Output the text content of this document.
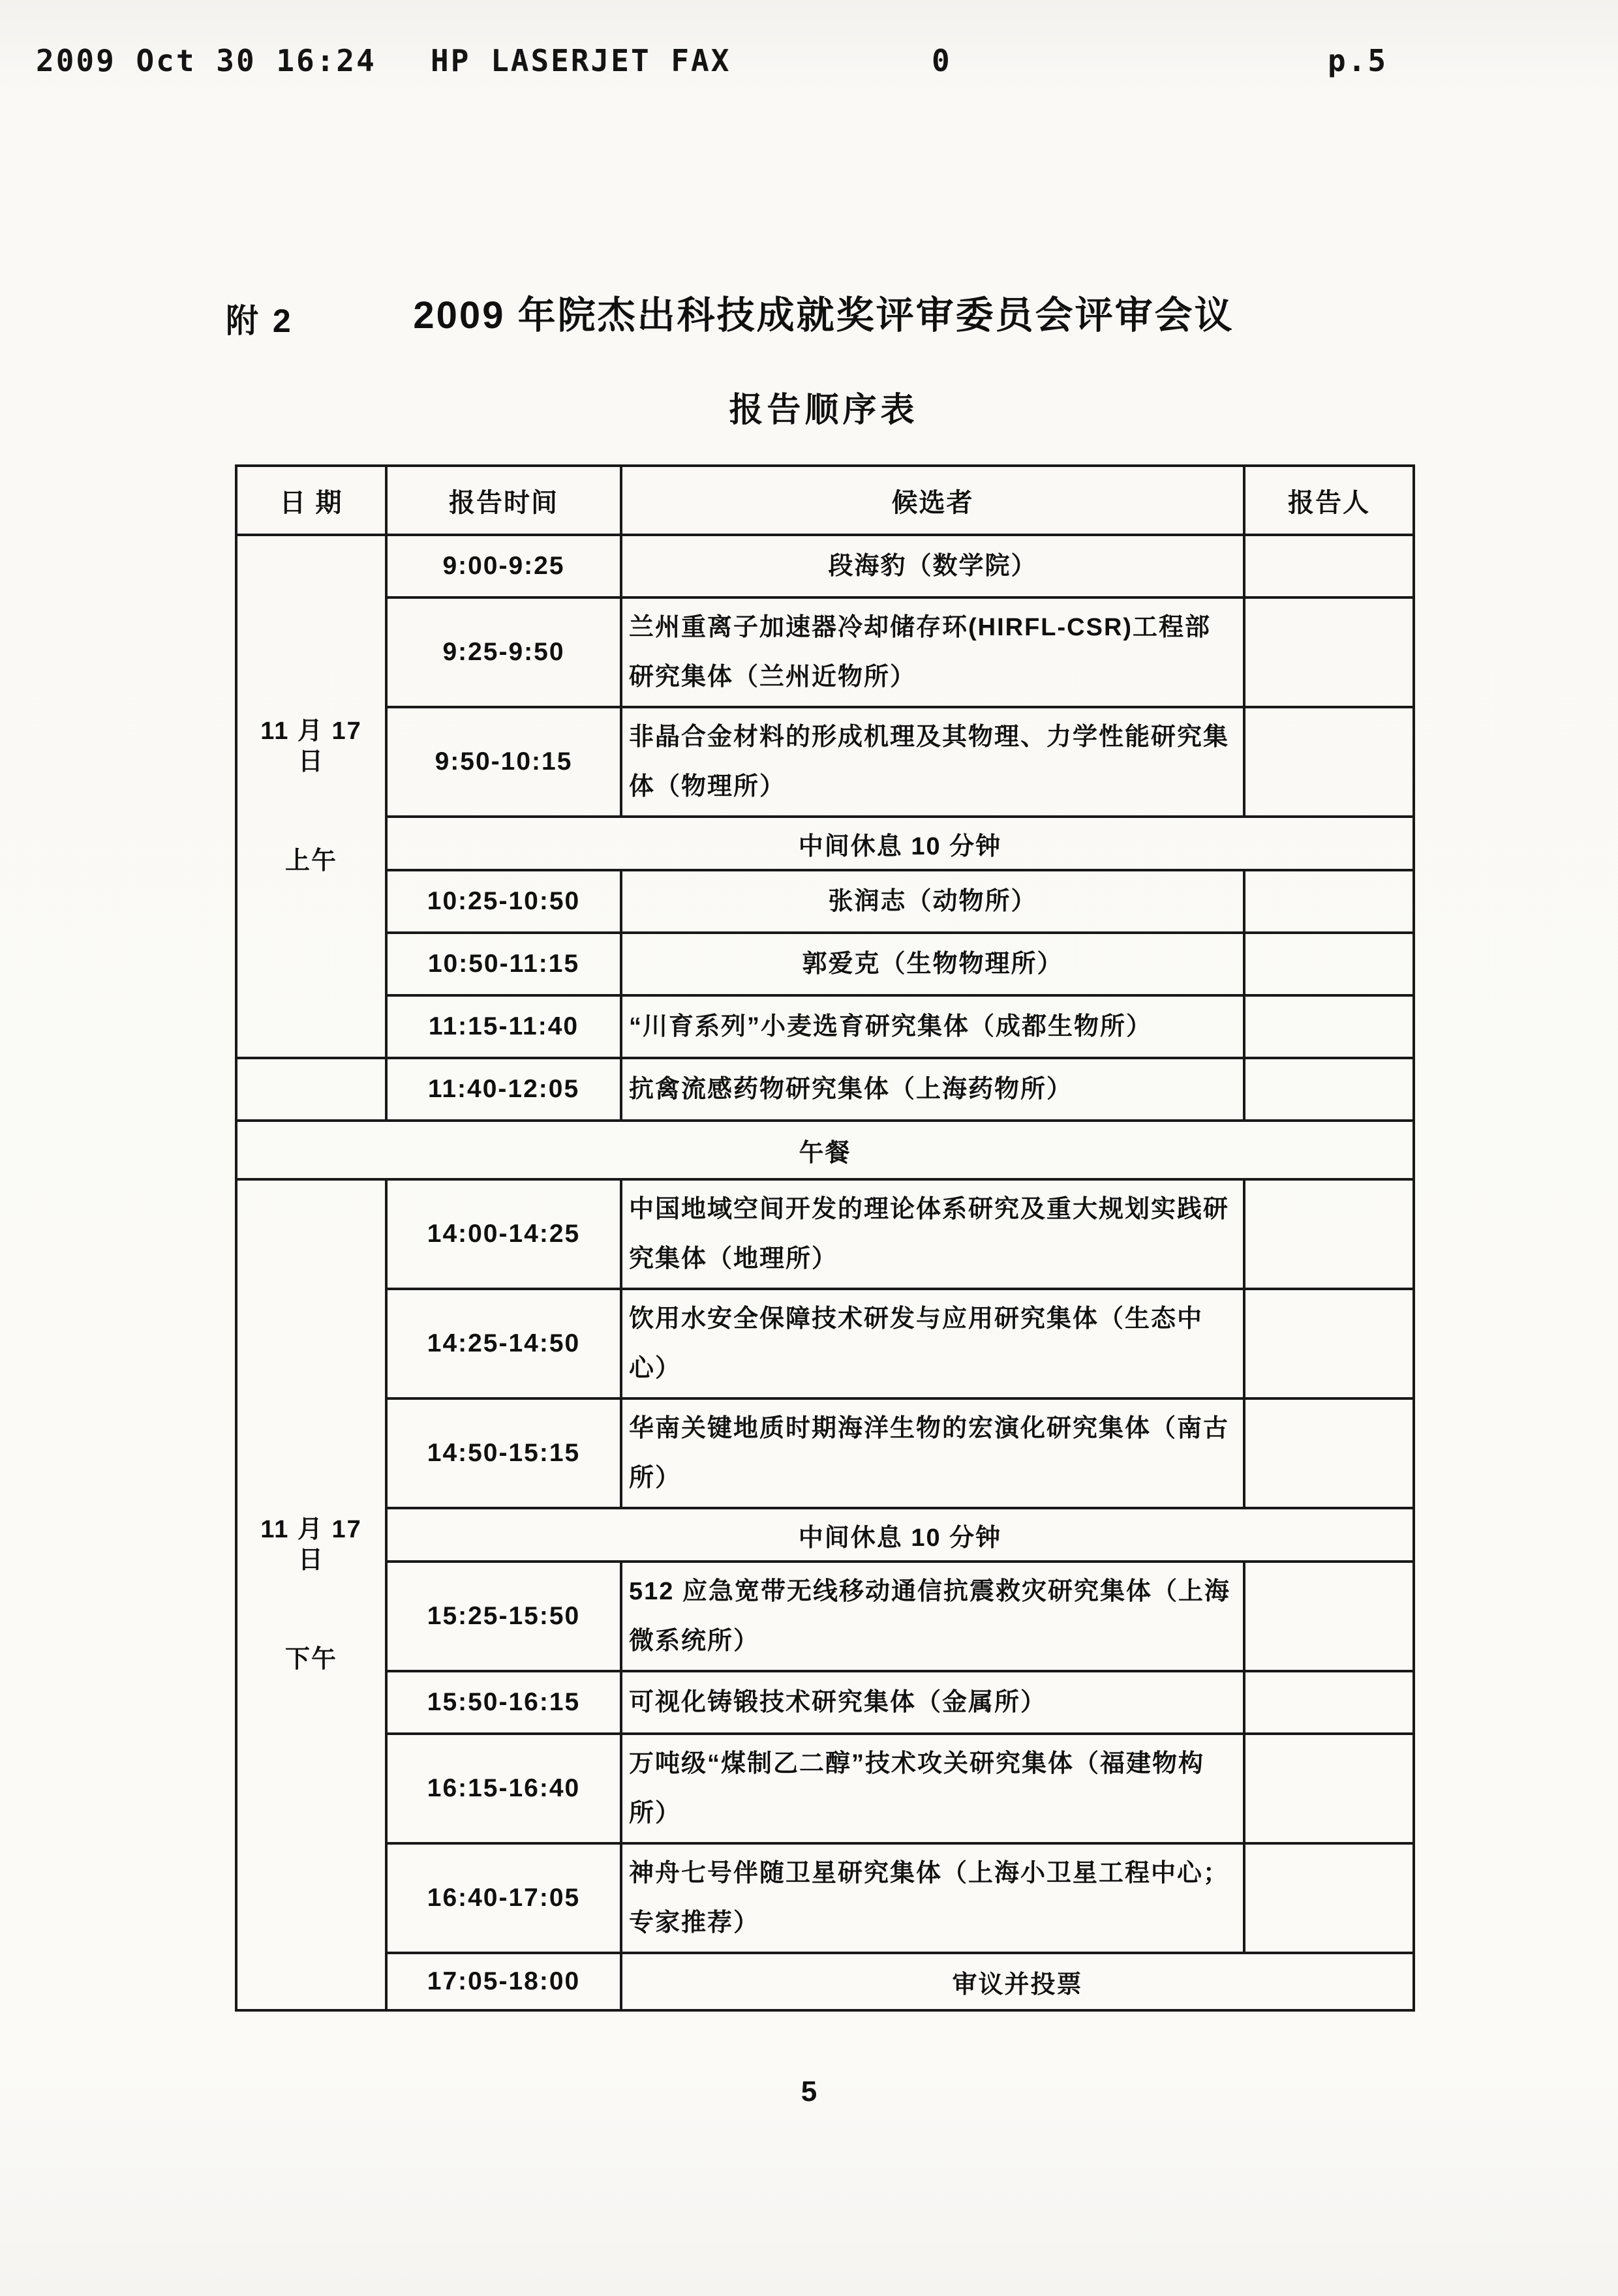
2009 Oct 30 16:24 HP LASERJET FAX	0	p.5
附 2	2009 年院杰出科技成就奖评审委员会评审会议
报告顺序表
日 期	报告时间	候选者	报告人

11 月 17 日
上午	9:00-9:25	段海豹（数学院）	
	9:25-9:50	兰州重离子加速器冷却储存环(HIRFL-CSR)工程部研究集体（兰州近物所）	
	9:50-10:15	非晶合金材料的形成机理及其物理、力学性能研究集体（物理所）	
	中间休息 10 分钟		
	10:25-10:50	张润志（动物所）	
	10:50-11:15	郭爱克（生物物理所）	
	11:15-11:40	“川育系列”小麦选育研究集体（成都生物所）	
	11:40-12:05	抗禽流感药物研究集体（上海药物所）	
午餐			

11 月 17 日
下午	14:00-14:25	中国地域空间开发的理论体系研究及重大规划实践研究集体（地理所）	
	14:25-14:50	饮用水安全保障技术研发与应用研究集体（生态中心）	
	14:50-15:15	华南关键地质时期海洋生物的宏演化研究集体（南古所）	
	中间休息 10 分钟		
	15:25-15:50	512 应急宽带无线移动通信抗震救灾研究集体（上海微系统所）	
	15:50-16:15	可视化铸锻技术研究集体（金属所）	
	16:15-16:40	万吨级“煤制乙二醇”技术攻关研究集体（福建物构所）	
	16:40-17:05	神舟七号伴随卫星研究集体（上海小卫星工程中心；专家推荐）	
	17:05-18:00	审议并投票	
5
